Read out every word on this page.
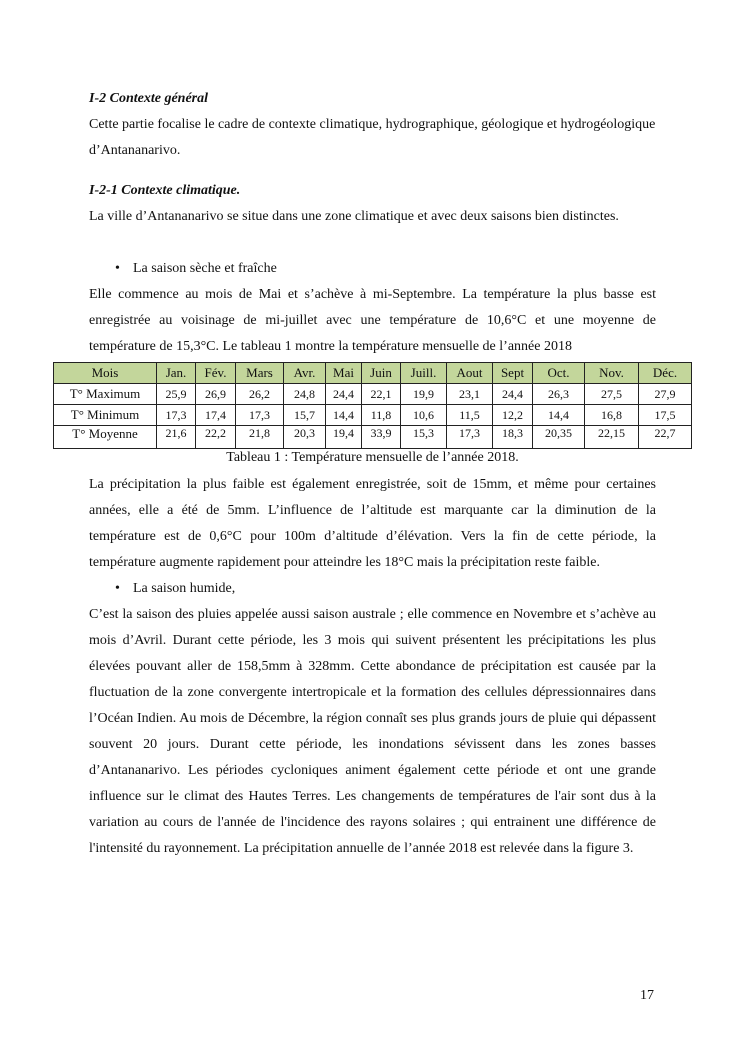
I-2 Contexte général
Cette partie focalise le cadre de contexte climatique, hydrographique, géologique et hydrogéologique d’Antananarivo.
I-2-1 Contexte climatique.
La ville d’Antananarivo se situe dans une zone climatique et avec deux saisons bien distinctes.
• La saison sèche et fraîche
Elle commence au mois de Mai et s’achève à mi-Septembre. La température la plus basse est enregistrée au voisinage de mi-juillet avec une température de 10,6°C et une moyenne de température de 15,3°C. Le tableau 1 montre la température mensuelle de l’année 2018
Mois	Jan.	Fév.	Mars	Avr.	Mai	Juin	Juill.	Aout	Sept	Oct.	Nov.	Déc.
T° Maximum	25,9	26,9	26,2	24,8	24,4	22,1	19,9	23,1	24,4	26,3	27,5	27,9
T° Minimum	17,3	17,4	17,3	15,7	14,4	11,8	10,6	11,5	12,2	14,4	16,8	17,5
T° Moyenne	21,6	22,2	21,8	20,3	19,4	33,9	15,3	17,3	18,3	20,35	22,15	22,7
Tableau 1 : Température mensuelle de l’année 2018.
La précipitation la plus faible est également enregistrée, soit de 15mm, et même pour certaines années, elle a été de 5mm. L’influence de l’altitude est marquante car la diminution de la température est de 0,6°C pour 100m d’altitude d’élévation. Vers la fin de cette période, la température augmente rapidement pour atteindre les 18°C mais la précipitation reste faible.
• La saison humide,
C’est la saison des pluies appelée aussi saison australe ; elle commence en Novembre et s’achève au mois d’Avril. Durant cette période, les 3 mois qui suivent présentent les précipitations les plus élevées pouvant aller de 158,5mm à 328mm. Cette abondance de précipitation est causée par la fluctuation de la zone convergente intertropicale et la formation des cellules dépressionnaires dans l’Océan Indien. Au mois de Décembre, la région connaît ses plus grands jours de pluie qui dépassent souvent 20 jours. Durant cette période, les inondations sévissent dans les zones basses d’Antananarivo. Les périodes cycloniques animent également cette période et ont une grande influence sur le climat des Hautes Terres. Les changements de températures de l'air sont dus à la variation au cours de l'année de l'incidence des rayons solaires ; qui entrainent une différence de l'intensité du rayonnement. La précipitation annuelle de l’année 2018 est relevée dans la figure 3.
17
